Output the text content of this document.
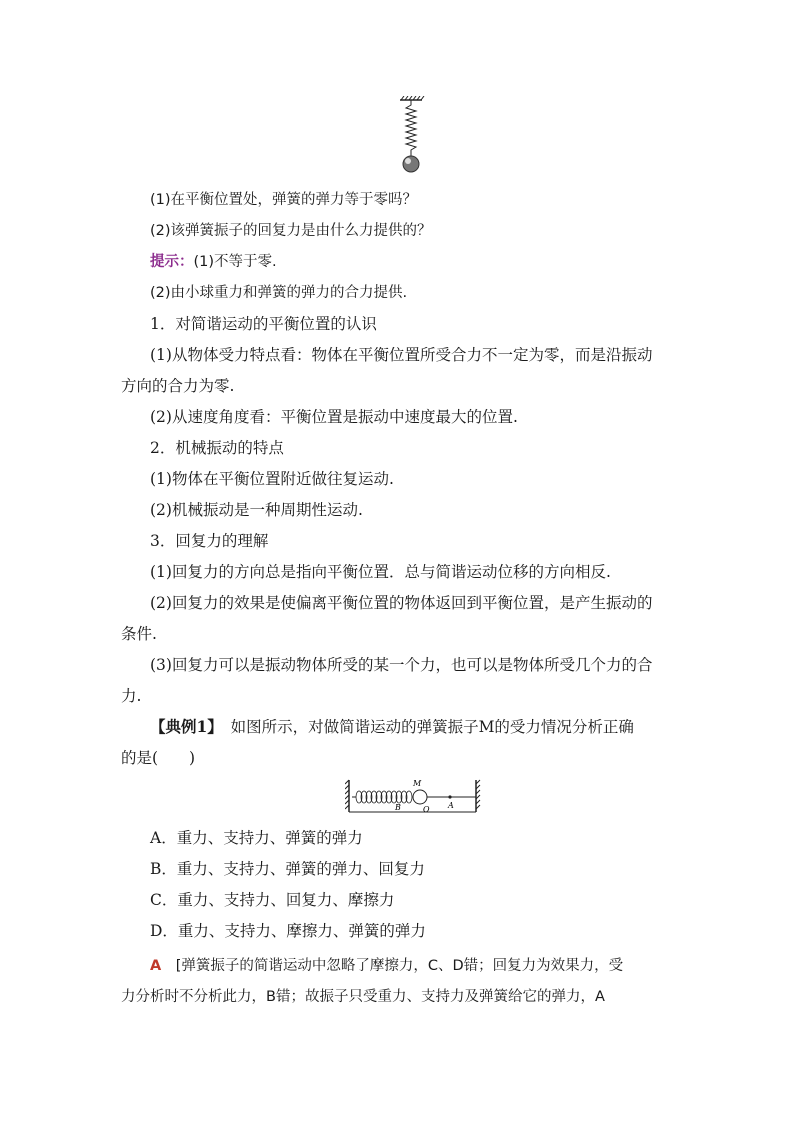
(1)在平衡位置处，弹簧的弹力等于零吗？
(2)该弹簧振子的回复力是由什么力提供的？
提示：(1)不等于零.
(2)由小球重力和弹簧的弹力的合力提供.
1．对简谐运动的平衡位置的认识
(1)从物体受力特点看：物体在平衡位置所受合力不一定为零，而是沿振动
方向的合力为零.
(2)从速度角度看：平衡位置是振动中速度最大的位置.
2．机械振动的特点
(1)物体在平衡位置附近做往复运动.
(2)机械振动是一种周期性运动.
3．回复力的理解
(1)回复力的方向总是指向平衡位置．总与简谐运动位移的方向相反.
(2)回复力的效果是使偏离平衡位置的物体返回到平衡位置，是产生振动的
条件.
(3)回复力可以是振动物体所受的某一个力，也可以是物体所受几个力的合
力.
【典例1】　 如图所示，对做简谐运动的弹簧振子M的受力情况分析正确
的是(　　)
M
B	O A
A．重力、支持力、弹簧的弹力
B．重力、支持力、弹簧的弹力、回复力
C．重力、支持力、回复力、摩擦力
D．重力、支持力、摩擦力、弹簧的弹力
A　 [弹簧振子的简谐运动中忽略了摩擦力，C、D错；回复力为效果力，受
力分析时不分析此力，B错；故振子只受重力、支持力及弹簧给它的弹力，A
